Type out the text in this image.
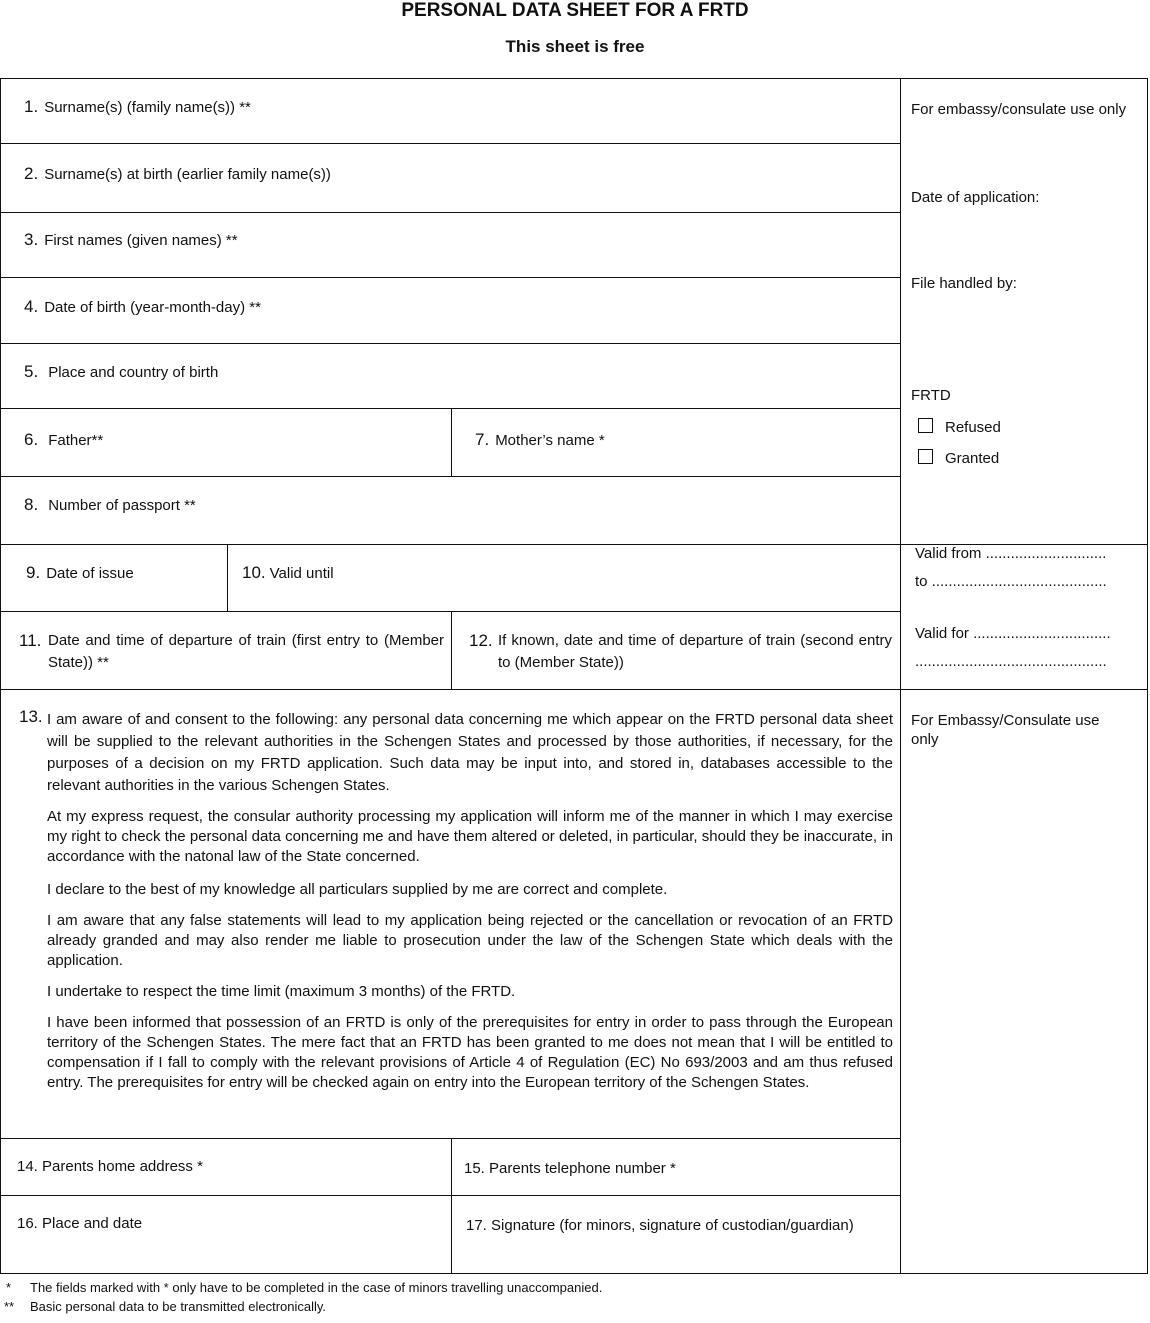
PERSONAL DATA SHEET FOR A FRTD
This sheet is free
1. Surname(s) (family name(s)) **
2. Surname(s) at birth (earlier family name(s))
3. First names (given names) **
4. Date of birth (year-month-day) **
5. Place and country of birth
6. Father**	7. Mother’s name *
8. Number of passport **
9. Date of issue	10. Valid until
11. Date and time of departure of train (first entry to (Member State)) **
12. If known, date and time of departure of train (second entry to (Member State))
13. I am aware of and consent to the following: any personal data concerning me which appear on the FRTD personal data sheet will be supplied to the relevant authorities in the Schengen States and processed by those authorities, if necessary, for the purposes of a decision on my FRTD application. Such data may be input into, and stored in, databases accessible to the relevant authorities in the various Schengen States.
At my express request, the consular authority processing my application will inform me of the manner in which I may exercise my right to check the personal data concerning me and have them altered or deleted, in particular, should they be inaccurate, in accordance with the natonal law of the State concerned.
I declare to the best of my knowledge all particulars supplied by me are correct and complete.
I am aware that any false statements will lead to my application being rejected or the cancellation or revocation of an FRTD already granded and may also render me liable to prosecution under the law of the Schengen State which deals with the application.
I undertake to respect the time limit (maximum 3 months) of the FRTD.
I have been informed that possession of an FRTD is only of the prerequisites for entry in order to pass through the European territory of the Schengen States. The mere fact that an FRTD has been granted to me does not mean that I will be entitled to compensation if I fall to comply with the relevant provisions of Article 4 of Regulation (EC) No 693/2003 and am thus refused entry. The prerequisites for entry will be checked again on entry into the European territory of the Schengen States.
14. Parents home address *	15. Parents telephone number *
16. Place and date	17. Signature (for minors, signature of custodian/guardian)
For embassy/consulate use only
Date of application:
File handled by:
FRTD
Refused
Granted
Valid from .............................
to ..........................................
Valid for .................................
..............................................
For Embassy/Consulate use only
* The fields marked with * only have to be completed in the case of minors travelling unaccompanied.
** Basic personal data to be transmitted electronically.
